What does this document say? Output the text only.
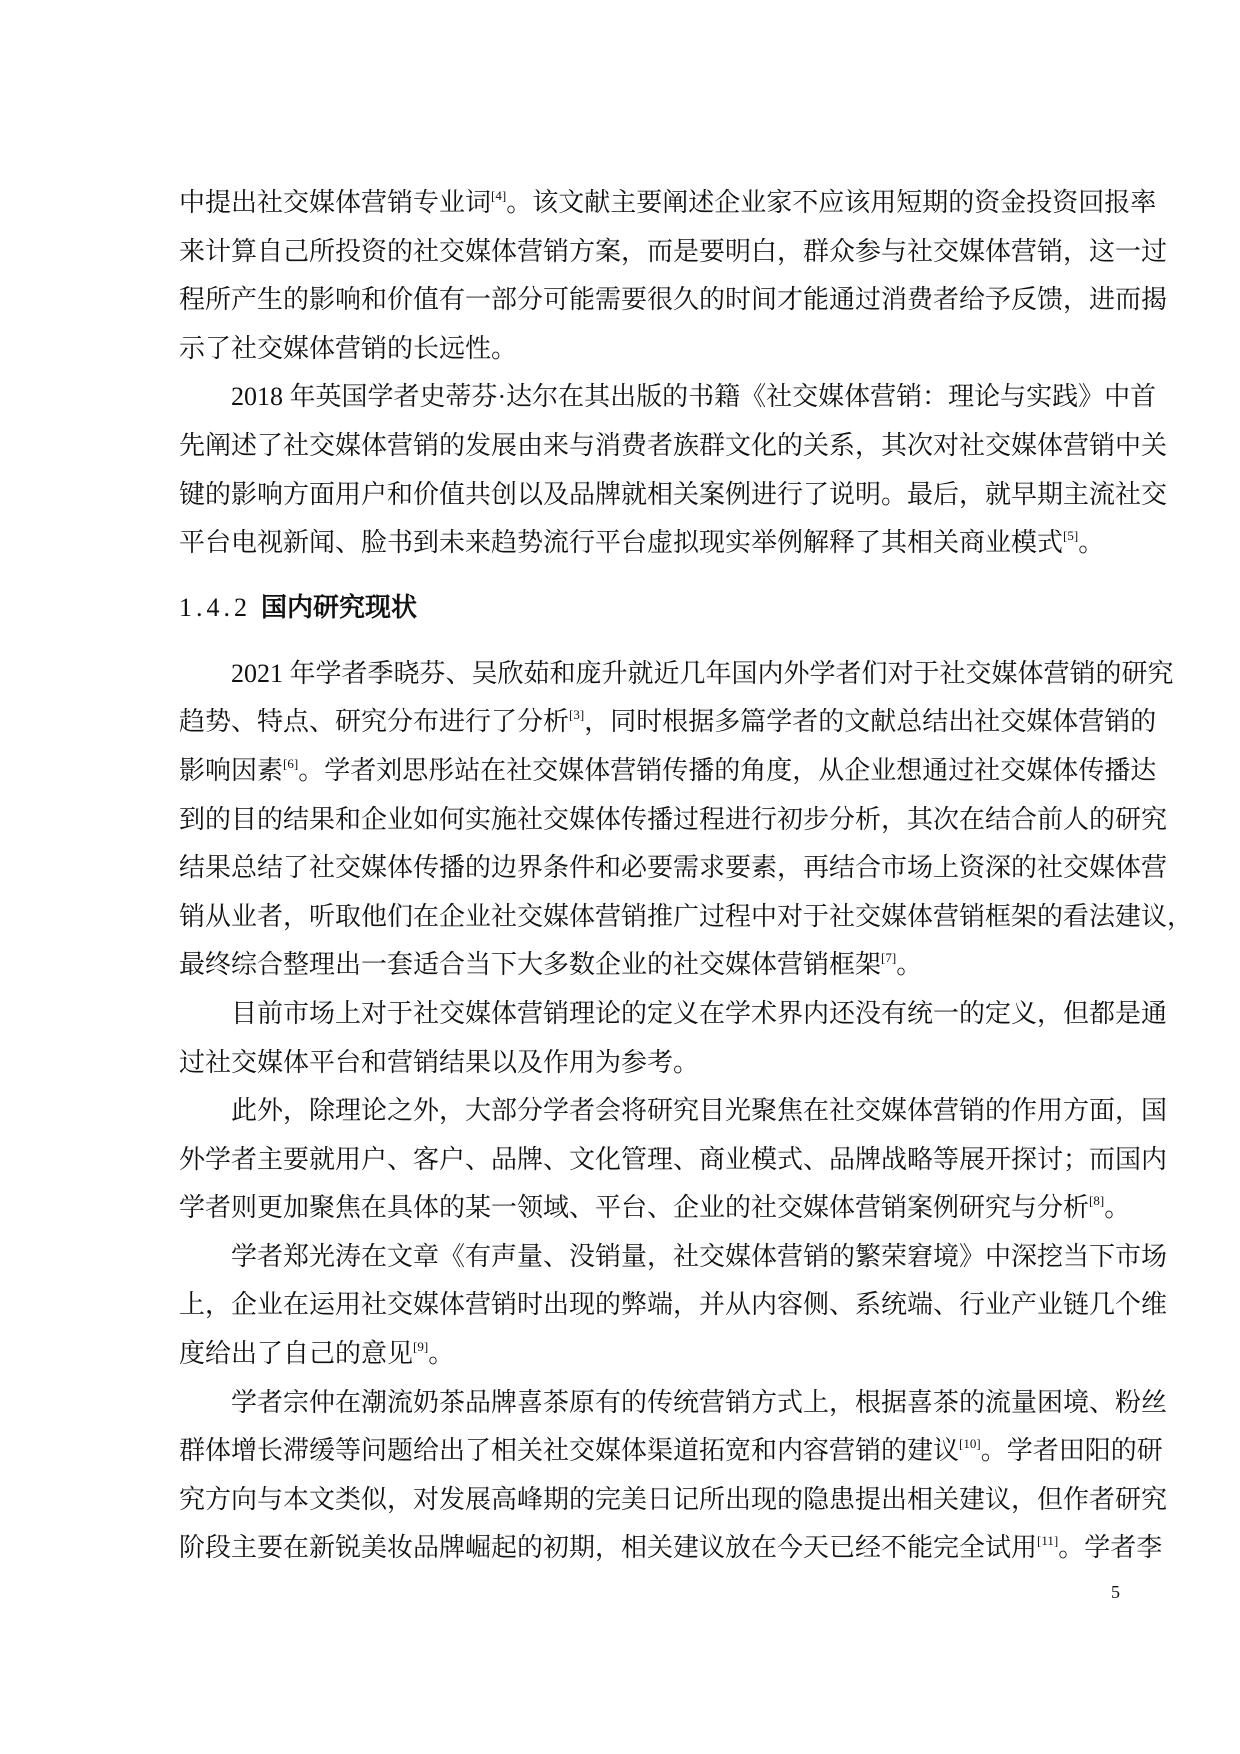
中提出社交媒体营销专业词[4]。该文献主要阐述企业家不应该用短期的资金投资回报率
来计算自己所投资的社交媒体营销方案，而是要明白，群众参与社交媒体营销，这一过
程所产生的影响和价值有一部分可能需要很久的时间才能通过消费者给予反馈，进而揭
示了社交媒体营销的长远性。
2018 年英国学者史蒂芬·达尔在其出版的书籍《社交媒体营销：理论与实践》中首
先阐述了社交媒体营销的发展由来与消费者族群文化的关系，其次对社交媒体营销中关
键的影响方面用户和价值共创以及品牌就相关案例进行了说明。最后，就早期主流社交
平台电视新闻、脸书到未来趋势流行平台虚拟现实举例解释了其相关商业模式[5]。
1.4.2 国内研究现状
2021 年学者季晓芬、吴欣茹和庞升就近几年国内外学者们对于社交媒体营销的研究
趋势、特点、研究分布进行了分析[3]，同时根据多篇学者的文献总结出社交媒体营销的
影响因素[6]。学者刘思彤站在社交媒体营销传播的角度，从企业想通过社交媒体传播达
到的目的结果和企业如何实施社交媒体传播过程进行初步分析，其次在结合前人的研究
结果总结了社交媒体传播的边界条件和必要需求要素，再结合市场上资深的社交媒体营
销从业者，听取他们在企业社交媒体营销推广过程中对于社交媒体营销框架的看法建议，
最终综合整理出一套适合当下大多数企业的社交媒体营销框架[7]。
目前市场上对于社交媒体营销理论的定义在学术界内还没有统一的定义，但都是通
过社交媒体平台和营销结果以及作用为参考。
此外，除理论之外，大部分学者会将研究目光聚焦在社交媒体营销的作用方面，国
外学者主要就用户、客户、品牌、文化管理、商业模式、品牌战略等展开探讨；而国内
学者则更加聚焦在具体的某一领域、平台、企业的社交媒体营销案例研究与分析[8]。
学者郑光涛在文章《有声量、没销量，社交媒体营销的繁荣窘境》中深挖当下市场
上，企业在运用社交媒体营销时出现的弊端，并从内容侧、系统端、行业产业链几个维
度给出了自己的意见[9]。
学者宗仲在潮流奶茶品牌喜茶原有的传统营销方式上，根据喜茶的流量困境、粉丝
群体增长滞缓等问题给出了相关社交媒体渠道拓宽和内容营销的建议[10]。学者田阳的研
究方向与本文类似，对发展高峰期的完美日记所出现的隐患提出相关建议，但作者研究
阶段主要在新锐美妆品牌崛起的初期，相关建议放在今天已经不能完全试用[11]。学者李
5
